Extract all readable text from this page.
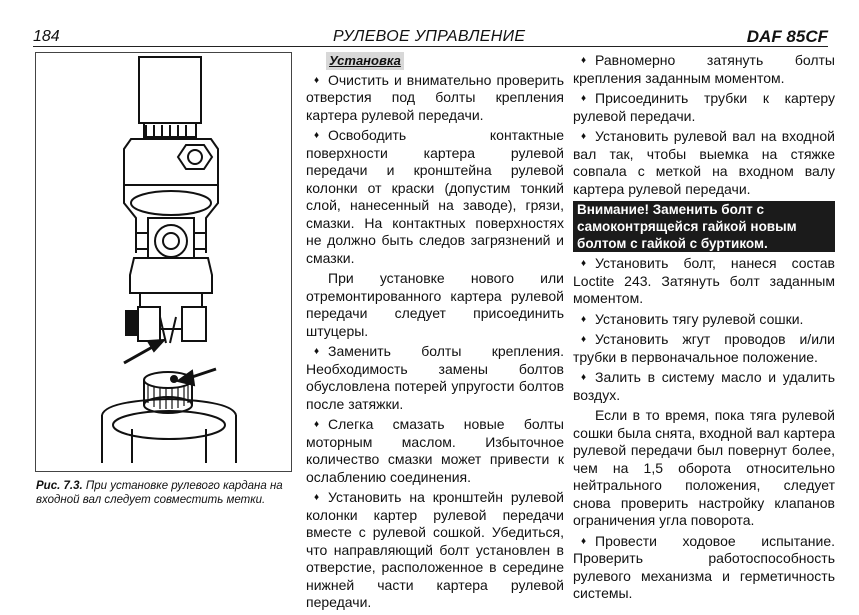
184	РУЛЕВОЕ УПРАВЛЕНИЕ	DAF 85CF
Рис. 7.3. При установке рулевого кардана на входной вал следует совместить метки.
Установка

♦ Очистить и внимательно проверить отверстия под болты крепления картера рулевой передачи.

♦ Освободить контактные поверхности картера рулевой передачи и кронштейна рулевой колонки от краски (допустим тонкий слой, нанесенный на заводе), грязи, смазки. На контактных поверхностях не должно быть следов загрязнений и смазки.

При установке нового или отремонтированного картера рулевой передачи следует присоединить штуцеры.

♦ Заменить болты крепления. Необходимость замены болтов обусловлена потерей упругости болтов после затяжки.

♦ Слегка смазать новые болты моторным маслом. Избыточное количество смазки может привести к ослаблению соединения.

♦ Установить на кронштейн рулевой колонки картер рулевой передачи вместе с рулевой сошкой. Убедиться, что направляющий болт установлен в отверстие, расположенное в середине нижней части картера рулевой передачи.

♦ Равномерно затянуть болты крепления заданным моментом.

♦ Присоединить трубки к картеру рулевой передачи.

♦ Установить рулевой вал на входной вал так, чтобы выемка на стяжке совпала с меткой на входном валу картера рулевой передачи.

Внимание! Заменить болт с самоконтрящейся гайкой новым болтом с гайкой с буртиком.

♦ Установить болт, нанеся состав Loctite 243. Затянуть болт заданным моментом.

♦ Установить тягу рулевой сошки.

♦ Установить жгут проводов и/или трубки в первоначальное положение.

♦ Залить в систему масло и удалить воздух.

Если в то время, пока тяга рулевой сошки была снята, входной вал картера рулевой передачи был повернут более, чем на 1,5 оборота относительно нейтрального положения, следует снова проверить настройку клапанов ограничения угла поворота.

♦ Провести ходовое испытание. Проверить работоспособность рулевого механизма и герметичность системы.
